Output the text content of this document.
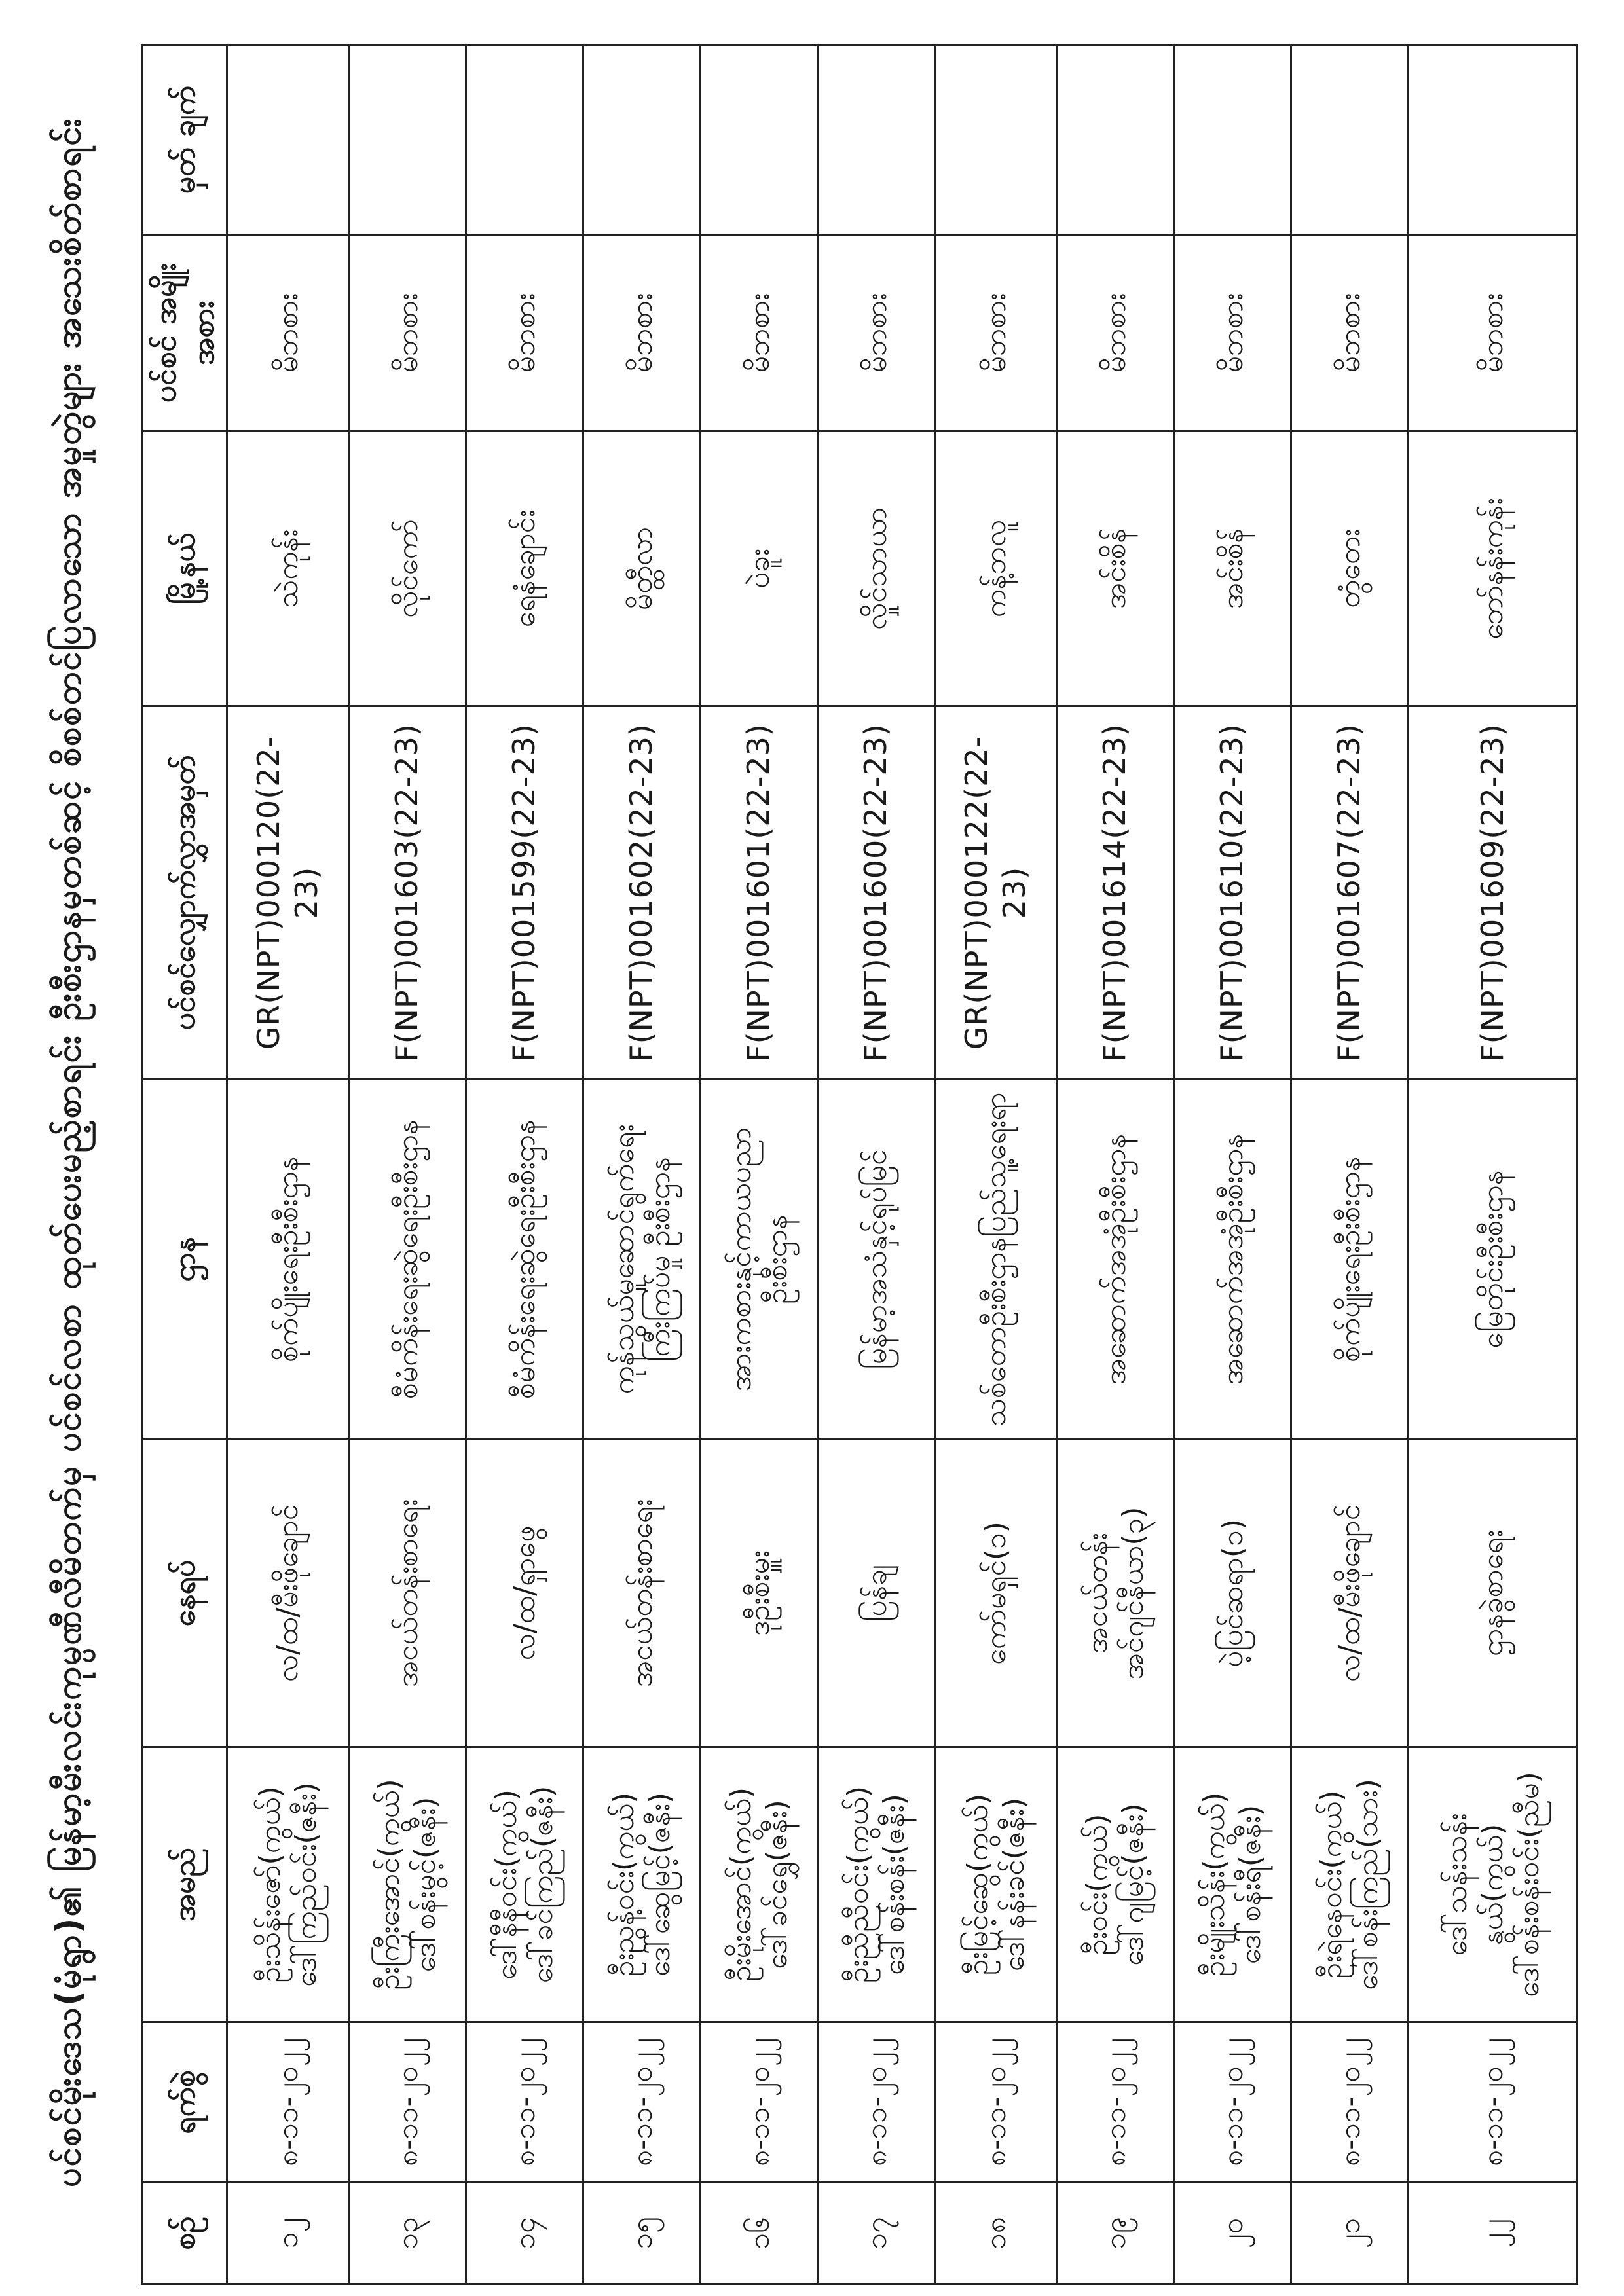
ပင်စင်မိုးဒေသ(မုံရွာ)၏ မြန်မာ့မီးလင်းကုမ္ပဏီလီမိတက်မှ ပင်စင်လစာ ထုတ်ပေးမည့်စာရင်း ဦးစီးဌာနမှတစ်ဆင့် စိစစ်တင်ပြလာသော အမှုတွဲများ အသေးစိတ်စာရင်း
စဉ်	ရက်စွဲ	အမည်	နေရပ်	ဌာန	ပင်စင်လျှောက်လွှာအမှတ်	မြို့နယ်	ပင်စင် အမျိုးအစား	မှတ် ချက်
၁၂	၈-၁၁-၂၀၂၂	ဦးသိန်းဇော်(ကွယ်) ဒေါ်ကြည်ဝင်း(ဇနီး)	လ/ထ/မီးဖိုချောင်	စိုက်ပျိုးရေးဦးစီးဌာန	GR(NPT)000120(22-23)	သဲကုန်း	မိဘစား	
၁၃	၈-၁၁-၂၀၂၂	ဦးကြီးအောင်(ကွယ်) ဒေါ်စန်းမွင့်(ဇနီး)	အငယ်တန်းစာရေး	စီမံကိန်းရေးဆွဲရေးဦးစီးဌာန	F(NPT)001603(22-23)	လိုင်ကော်	မိဘစား	
၁၄	၈-၁၁-၂၀၂၂	ဒေါ်နီနီဝင်း(ကွယ်) ဒေါ်ခင်ကြည်(ဇနီး)	လ/ထ/ရှာဖွေ	စီမံကိန်းရေးဆွဲရေးဦးစီးဌာန	F(NPT)001599(22-23)	ရေနံချောင်း	မိဘစား	
၁၅	၈-၁၁-၂၀၂၂	ဦးညွန့်ဝင်း(ကွယ်) ဒေါ်ဆွေမြင့်(ဇနီး)	အငယ်တန်းစာရေး	ကုန်သွယ်မှုဆောင်ရွက်ရေးကြီးကြပ်မှု ဦးစီးဌာန	F(NPT)001602(22-23)	မိတ္ထီလာ	မိဘစား	
၁၆	၈-၁၁-၂၀၂၂	ဦးမိုးအောင်(ကွယ်) ဒေါ်ခင်ရွှေ(ဇနီး)	ဒုဦးစီးမှူး	အားကစားနှင့်ကာယပညာဦးစီးဌာန	F(NPT)001601(22-23)	ပဲခူး	မိဘစား	
၁၇	၈-၁၁-၂၀၂၂	ဦးညီညီဝင်း(ကွယ်) ဒေါ်စန်းစန်း(ဇနီး)	ပြန်ချ	မြန်မာ့အသံနှင့်ရုပ်မြင်	F(NPT)001600(22-23)	လှိုင်သာယာ	မိဘစား	
၁၈	၈-၁၁-၂၀၂၂	ဦးမြင့်ဆွေ(ကွယ်) ဒေါ်နန်းခင်(ဇနီး)	ကော်မရှင်(၁)	သစ်တောဦးစီးဌာနပြည်သူ့ရေးရာ	GR(NPT)000122(22-23)	ကန့်ဘလူ	မိဘစား	
၁၉	၈-၁၁-၂၀၂၂	ဦးဝင်း(ကွယ်) ဒေါ်ဂျမြင့်(ဇနီး)	အငယ်တန်း အင်ဂျင်နီယာ(၃)	အဆောက်အအုံဦးစီးဌာန	F(NPT)001614(22-23)	အင်းစိန်	မိဘစား	
၂၀	၈-၁၁-၂၀၂၂	ဦးမျိုးသိန်း(ကွယ်) ဒေါ်စန်းရီ(ဇနီး)	ပဲ့ပြင်ဆရာ(၁)	အဆောက်အအုံဦးစီးဌာန	F(NPT)001610(22-23)	အင်းစိန်	မိဘစား	
၂၁	၈-၁၁-၂၀၂၂	ဦးရဲနေဝင်း(ကွယ်) ဒေါ်စန်းကြည်(သား)	လ/ထ/မီးဖိုချောင်	စိုက်ပျိုးရေးဦးစီးဌာန	F(NPT)001607(22-23)	တွံတေး	မိဘစား	
၂၂	၈-၁၁-၂၀၂၂	ဒေါ်သန်းသန်းနွယ်(ကွယ်) ဒေါ်စန်းစန်းဝင်း(ညီမ)	ဌာနခွဲစာရေး	မြေတိုင်းဦးစီးဌာန	F(NPT)001609(22-23)	ဘော်နန်းကုန်း	မိဘစား	
